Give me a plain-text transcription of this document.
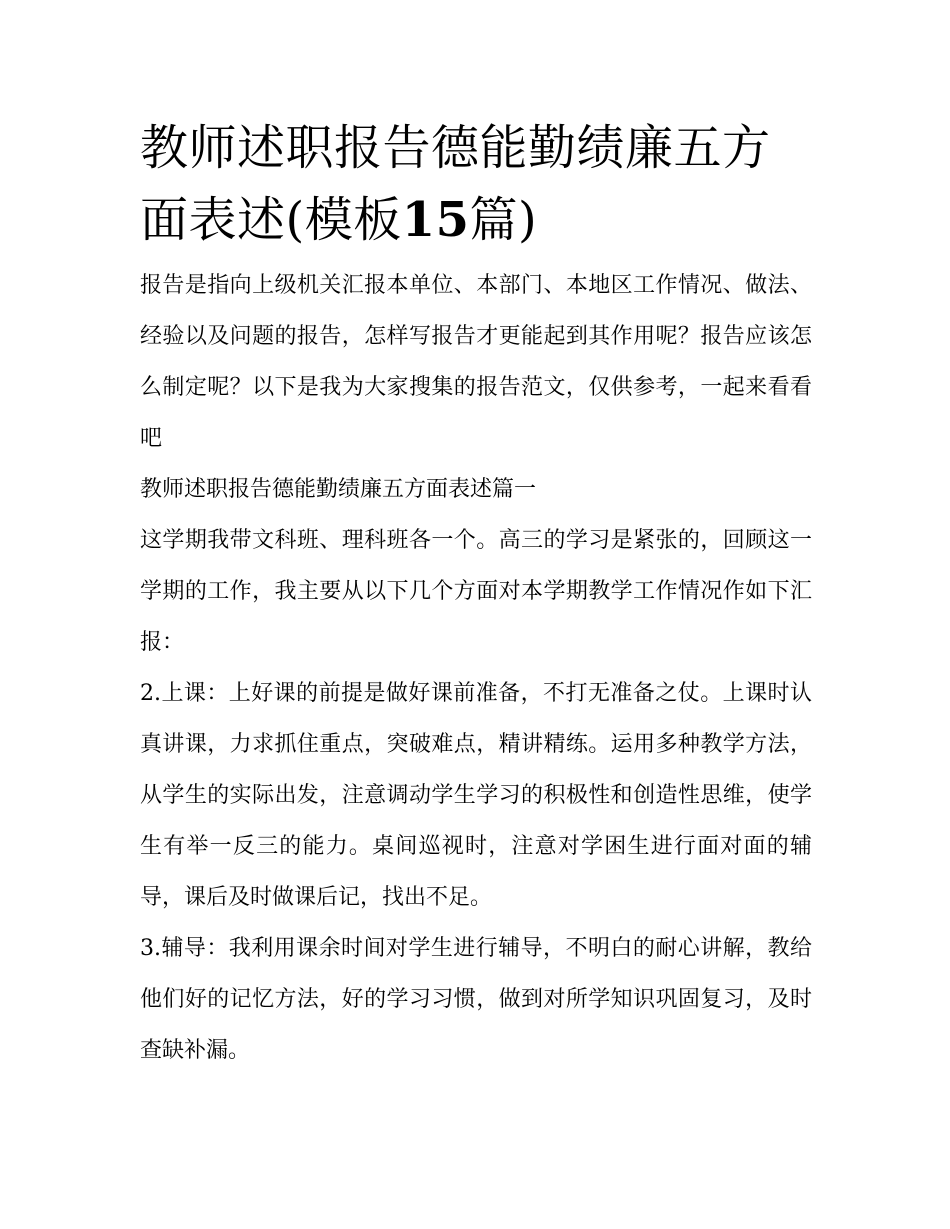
教师述职报告德能勤绩廉五方面表述(模板15篇)

报告是指向上级机关汇报本单位、本部门、本地区工作情况、做法、经验以及问题的报告，怎样写报告才更能起到其作用呢？报告应该怎么制定呢？以下是我为大家搜集的报告范文，仅供参考，一起来看看吧

教师述职报告德能勤绩廉五方面表述篇一

这学期我带文科班、理科班各一个。高三的学习是紧张的，回顾这一学期的工作，我主要从以下几个方面对本学期教学工作情况作如下汇报：

2.上课：上好课的前提是做好课前准备，不打无准备之仗。上课时认真讲课，力求抓住重点，突破难点，精讲精练。运用多种教学方法，从学生的实际出发，注意调动学生学习的积极性和创造性思维，使学生有举一反三的能力。桌间巡视时，注意对学困生进行面对面的辅导，课后及时做课后记，找出不足。

3.辅导：我利用课余时间对学生进行辅导，不明白的耐心讲解，教给他们好的记忆方法，好的学习习惯，做到对所学知识巩固复习，及时查缺补漏。
